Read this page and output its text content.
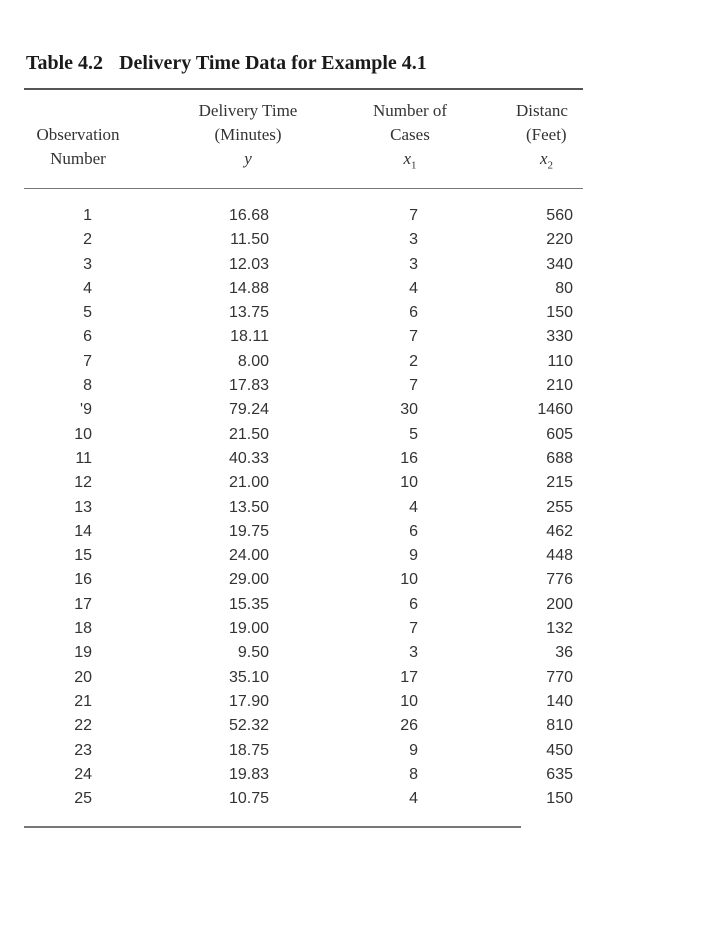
Table 4.2 Delivery Time Data for Example 4.1
Observation
Number
Delivery Time
(Minutes)
y
Number of
Cases
$x_1$
Distanc
(Feet)
$x_2$
1
2
3
4
5
6
7
8
'9
10
11
12
13
14
15
16
17
18
19
20
21
22
23
24
25
16.68
11.50
12.03
14.88
13.75
18.11
8.00
17.83
79.24
21.50
40.33
21.00
13.50
19.75
24.00
29.00
15.35
19.00
9.50
35.10
17.90
52.32
18.75
19.83
10.75
7
3
3
4
6
7
2
7
30
5
16
10
4
6
9
10
6
7
3
17
10
26
9
8
4
560
220
340
80
150
330
110
210
1460
605
688
215
255
462
448
776
200
132
36
770
140
810
450
635
150
